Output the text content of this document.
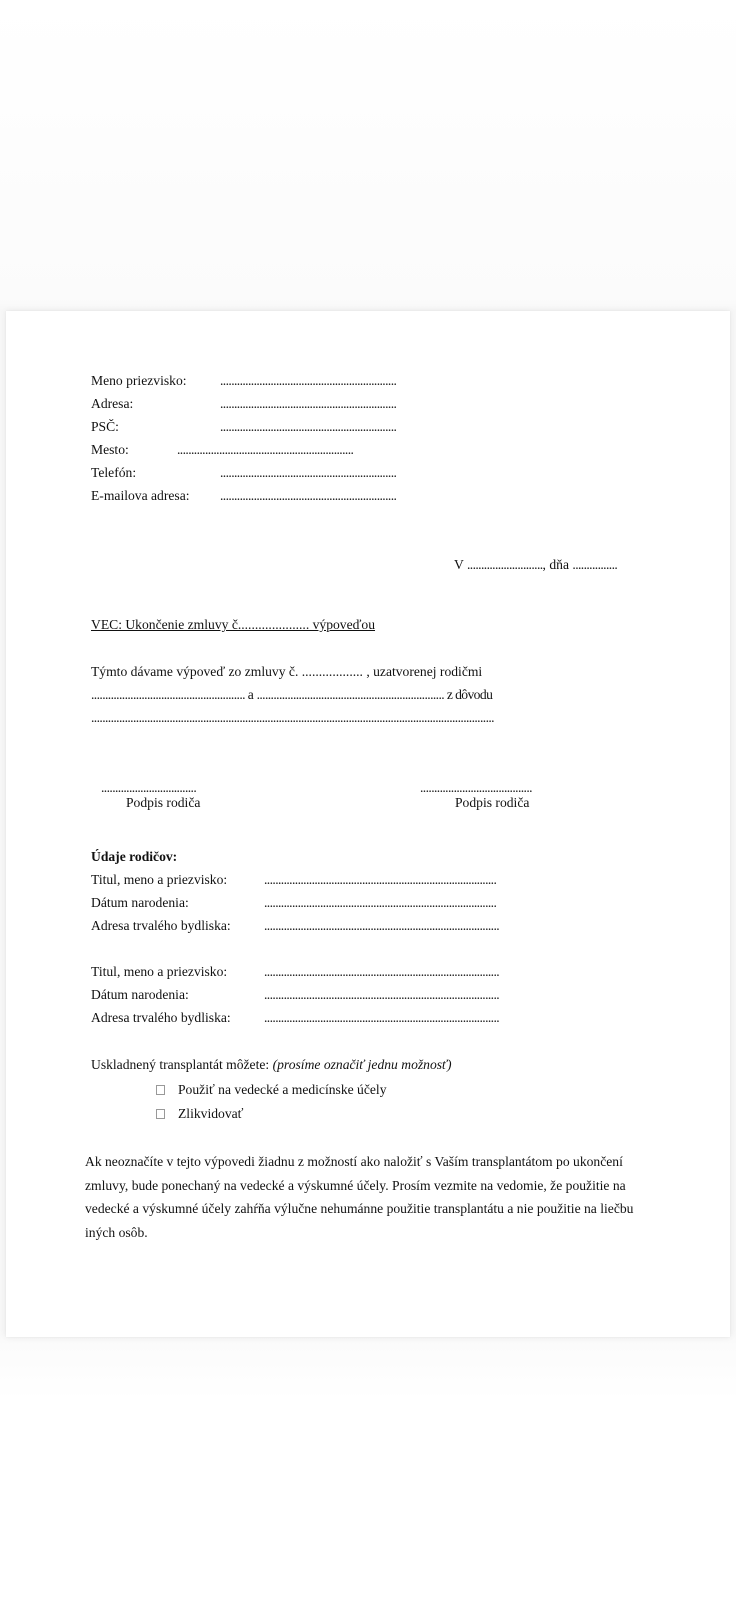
Meno priezvisko: ...............................................................
Adresa:	...............................................................
PSČ:	...............................................................
Mesto:	...............................................................
Telefón:	...............................................................
E-mailova adresa: ...............................................................
V ..........................., dňa ................
VEC: Ukončenie zmluvy č..................... výpoveďou
Týmto dávame výpoveď zo zmluvy č. .................. , uzatvorenej rodičmi
....................................................... a ................................................................... z dôvodu
................................................................................................................................................
..................................
Podpis rodiča
........................................
Podpis rodiča
Údaje rodičov:
Titul, meno a priezvisko:	...................................................................................
Dátum narodenia:	...................................................................................
Adresa trvalého bydliska: ....................................................................................
Titul, meno a priezvisko:	....................................................................................
Dátum narodenia:	....................................................................................
Adresa trvalého bydliska: ....................................................................................
Uskladnený transplantát môžete: (prosíme označiť jednu možnosť)
Použiť na vedecké a medicínske účely
Zlikvidovať
Ak neoznačíte v tejto výpovedi žiadnu z možností ako naložiť s Vaším transplantátom po ukončení zmluvy, bude ponechaný na vedecké a výskumné účely. Prosím vezmite na vedomie, že použitie na vedecké a výskumné účely zahŕňa výlučne nehumánne použitie transplantátu a nie použitie na liečbu iných osôb.
